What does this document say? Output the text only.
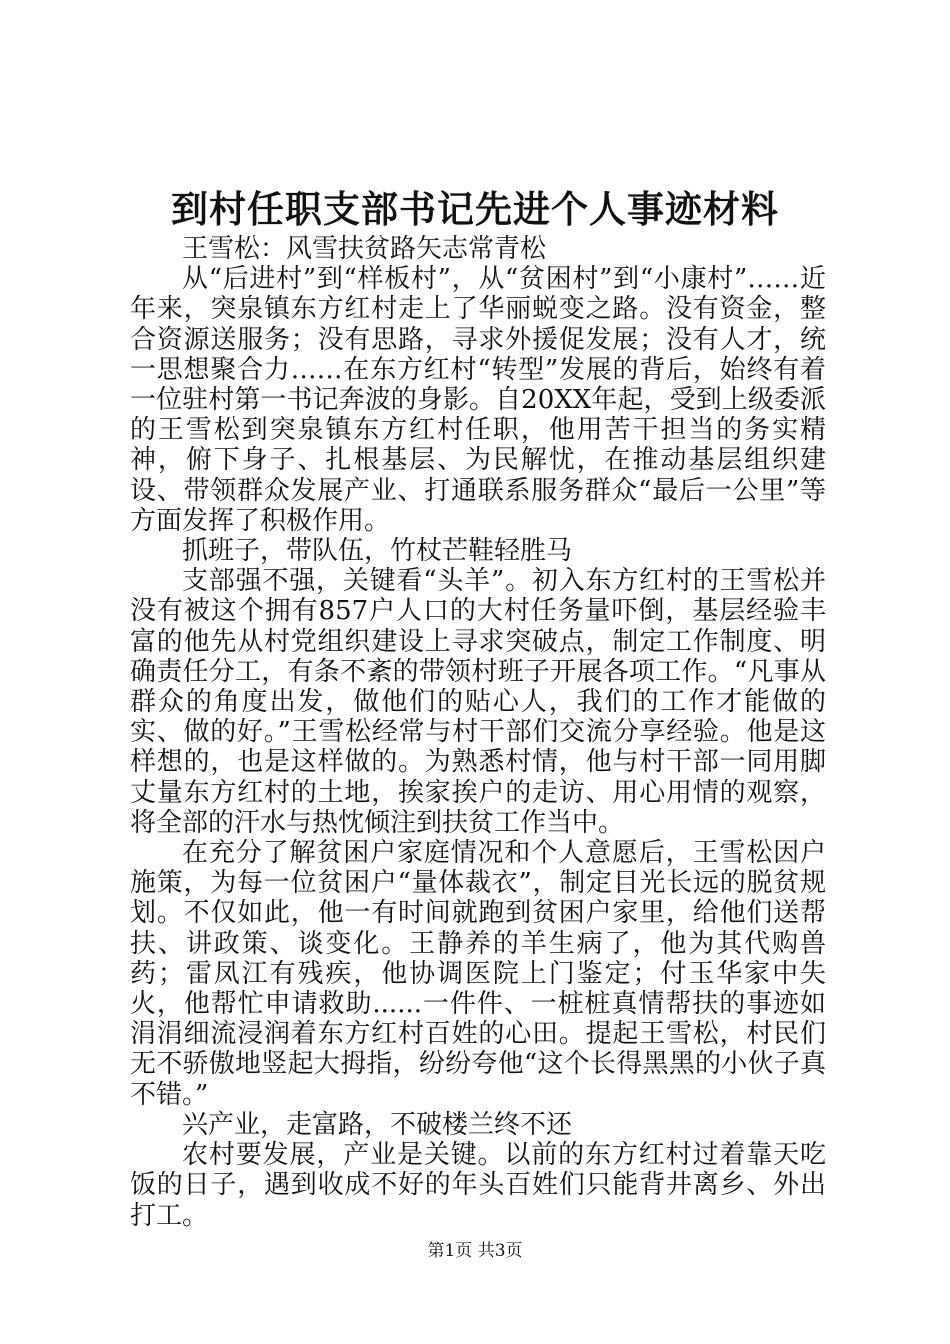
到村任职支部书记先进个人事迹材料

王雪松：风雪扶贫路矢志常青松

从“后进村”到“样板村”，从“贫困村”到“小康村”……近年来，突泉镇东方红村走上了华丽蜕变之路。没有资金，整合资源送服务；没有思路，寻求外援促发展；没有人才，统一思想聚合力……在东方红村“转型”发展的背后，始终有着一位驻村第一书记奔波的身影。自20XX年起，受到上级委派的王雪松到突泉镇东方红村任职，他用苦干担当的务实精神，俯下身子、扎根基层、为民解忧，在推动基层组织建设、带领群众发展产业、打通联系服务群众“最后一公里”等方面发挥了积极作用。

抓班子，带队伍，竹杖芒鞋轻胜马

支部强不强，关键看“头羊”。初入东方红村的王雪松并没有被这个拥有857户人口的大村任务量吓倒，基层经验丰富的他先从村党组织建设上寻求突破点，制定工作制度、明确责任分工，有条不紊的带领村班子开展各项工作。“凡事从群众的角度出发，做他们的贴心人，我们的工作才能做的实、做的好。”王雪松经常与村干部们交流分享经验。他是这样想的，也是这样做的。为熟悉村情，他与村干部一同用脚丈量东方红村的土地，挨家挨户的走访、用心用情的观察，将全部的汗水与热忱倾注到扶贫工作当中。

在充分了解贫困户家庭情况和个人意愿后，王雪松因户施策，为每一位贫困户“量体裁衣”，制定目光长远的脱贫规划。不仅如此，他一有时间就跑到贫困户家里，给他们送帮扶、讲政策、谈变化。王静养的羊生病了，他为其代购兽药；雷凤江有残疾，他协调医院上门鉴定；付玉华家中失火，他帮忙申请救助......一件件、一桩桩真情帮扶的事迹如涓涓细流浸润着东方红村百姓的心田。提起王雪松，村民们无不骄傲地竖起大拇指，纷纷夸他“这个长得黑黑的小伙子真不错。”

兴产业，走富路，不破楼兰终不还

农村要发展，产业是关键。以前的东方红村过着靠天吃饭的日子，遇到收成不好的年头百姓们只能背井离乡、外出打工。

第1页 共3页
